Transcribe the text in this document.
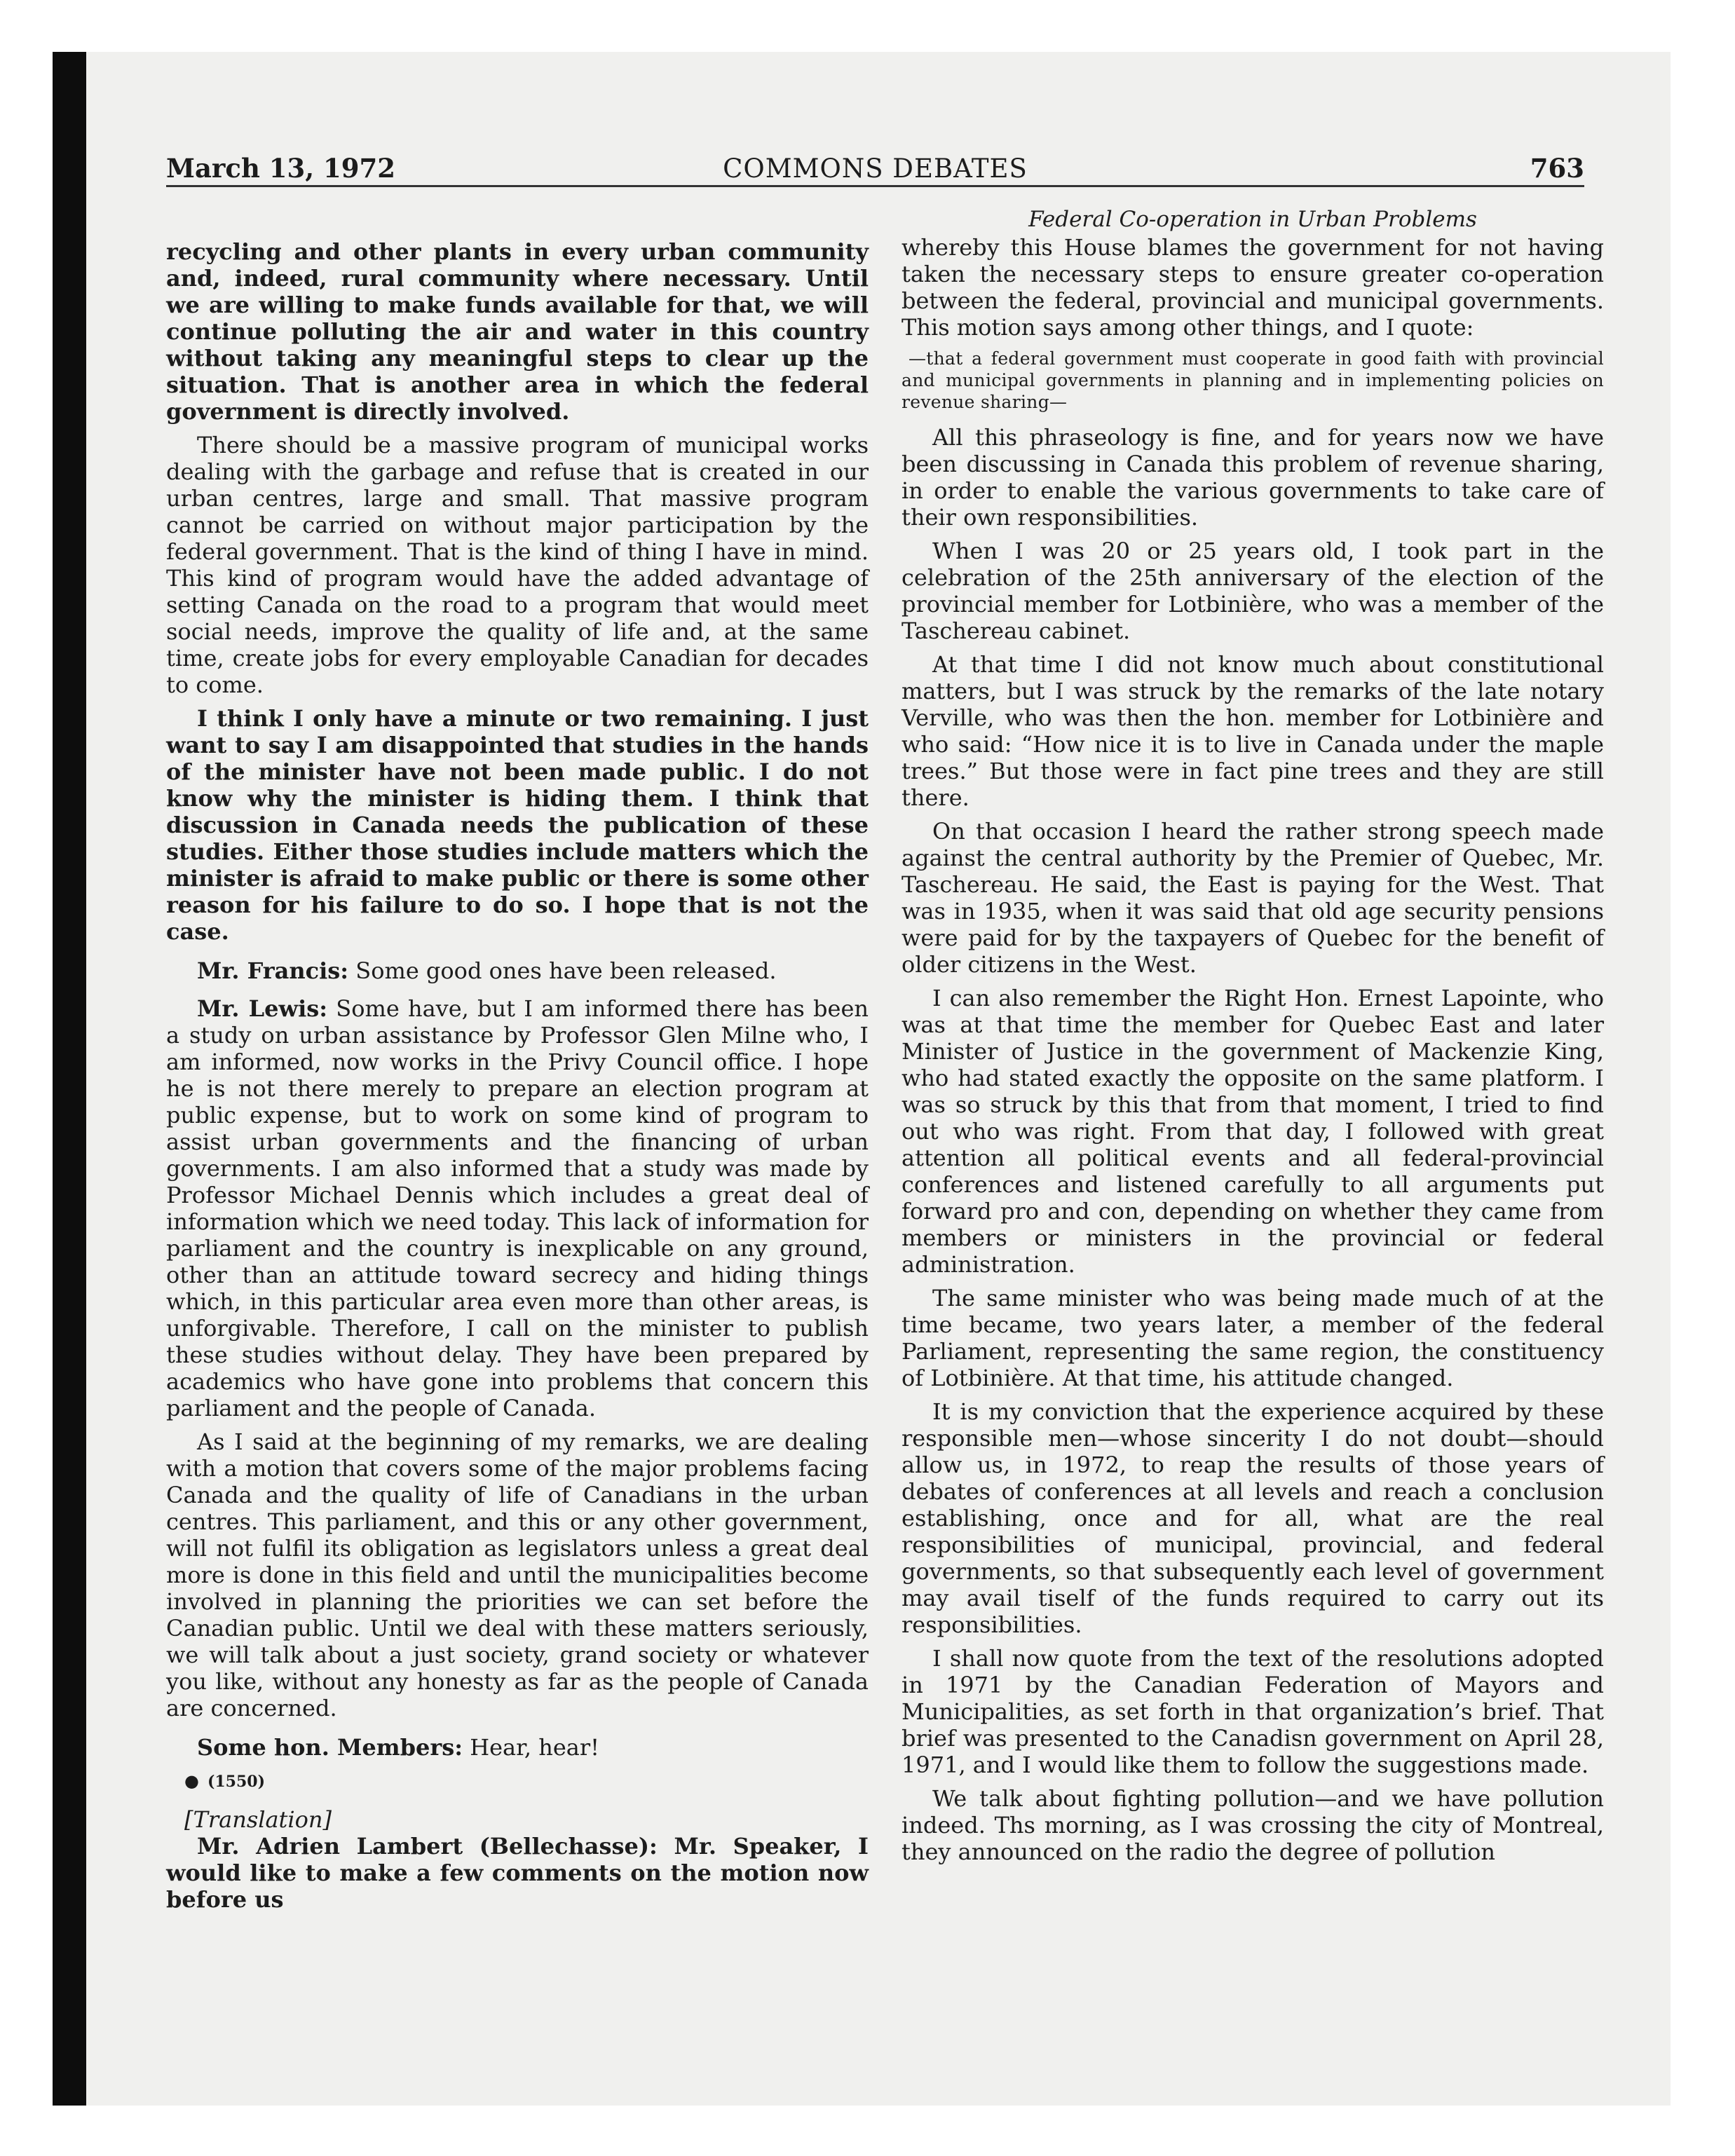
March 13, 1972	COMMONS DEBATES	763

recycling and other plants in every urban community and, indeed, rural community where necessary. Until we are willing to make funds available for that, we will continue polluting the air and water in this country without taking any meaningful steps to clear up the situation. That is another area in which the federal government is directly involved.

There should be a massive program of municipal works dealing with the garbage and refuse that is created in our urban centres, large and small. That massive program cannot be carried on without major participation by the federal government. That is the kind of thing I have in mind. This kind of program would have the added advantage of setting Canada on the road to a program that would meet social needs, improve the quality of life and, at the same time, create jobs for every employable Canadian for decades to come.

I think I only have a minute or two remaining. I just want to say I am disappointed that studies in the hands of the minister have not been made public. I do not know why the minister is hiding them. I think that discussion in Canada needs the publication of these studies. Either those studies include matters which the minister is afraid to make public or there is some other reason for his failure to do so. I hope that is not the case.

Mr. Francis: Some good ones have been released.

Mr. Lewis: Some have, but I am informed there has been a study on urban assistance by Professor Glen Milne who, I am informed, now works in the Privy Council office. I hope he is not there merely to prepare an election program at public expense, but to work on some kind of program to assist urban governments and the financing of urban governments. I am also informed that a study was made by Professor Michael Dennis which includes a great deal of information which we need today. This lack of information for parliament and the country is inexplicable on any ground, other than an attitude toward secrecy and hiding things which, in this particular area even more than other areas, is unforgivable. Therefore, I call on the minister to publish these studies without delay. They have been prepared by academics who have gone into problems that concern this parliament and the people of Canada.

As I said at the beginning of my remarks, we are dealing with a motion that covers some of the major problems facing Canada and the quality of life of Canadians in the urban centres. This parliament, and this or any other government, will not fulfil its obligation as legislators unless a great deal more is done in this field and until the municipalities become involved in planning the priorities we can set before the Canadian public. Until we deal with these matters seriously, we will talk about a just society, grand society or whatever you like, without any honesty as far as the people of Canada are concerned.

Some hon. Members: Hear, hear!

● (1550)

[Translation]

Mr. Adrien Lambert (Bellechasse): Mr. Speaker, I would like to make a few comments on the motion now before us

Federal Co-operation in Urban Problems

whereby this House blames the government for not having taken the necessary steps to ensure greater co-operation between the federal, provincial and municipal governments. This motion says among other things, and I quote:

—that a federal government must cooperate in good faith with provincial and municipal governments in planning and in implementing policies on revenue sharing—

All this phraseology is fine, and for years now we have been discussing in Canada this problem of revenue sharing, in order to enable the various governments to take care of their own responsibilities.

When I was 20 or 25 years old, I took part in the celebration of the 25th anniversary of the election of the provincial member for Lotbinière, who was a member of the Taschereau cabinet.

At that time I did not know much about constitutional matters, but I was struck by the remarks of the late notary Verville, who was then the hon. member for Lotbinière and who said: “How nice it is to live in Canada under the maple trees.” But those were in fact pine trees and they are still there.

On that occasion I heard the rather strong speech made against the central authority by the Premier of Quebec, Mr. Taschereau. He said, the East is paying for the West. That was in 1935, when it was said that old age security pensions were paid for by the taxpayers of Quebec for the benefit of older citizens in the West.

I can also remember the Right Hon. Ernest Lapointe, who was at that time the member for Quebec East and later Minister of Justice in the government of Mackenzie King, who had stated exactly the opposite on the same platform. I was so struck by this that from that moment, I tried to find out who was right. From that day, I followed with great attention all political events and all federal-provincial conferences and listened carefully to all arguments put forward pro and con, depending on whether they came from members or ministers in the provincial or federal administration.

The same minister who was being made much of at the time became, two years later, a member of the federal Parliament, representing the same region, the constituency of Lotbinière. At that time, his attitude changed.

It is my conviction that the experience acquired by these responsible men—whose sincerity I do not doubt—should allow us, in 1972, to reap the results of those years of debates of conferences at all levels and reach a conclusion establishing, once and for all, what are the real responsibilities of municipal, provincial, and federal governments, so that subsequently each level of government may avail tiself of the funds required to carry out its responsibilities.

I shall now quote from the text of the resolutions adopted in 1971 by the Canadian Federation of Mayors and Municipalities, as set forth in that organization’s brief. That brief was presented to the Canadisn government on April 28, 1971, and I would like them to follow the suggestions made.

We talk about fighting pollution—and we have pollution indeed. Ths morning, as I was crossing the city of Montreal, they announced on the radio the degree of pollution
